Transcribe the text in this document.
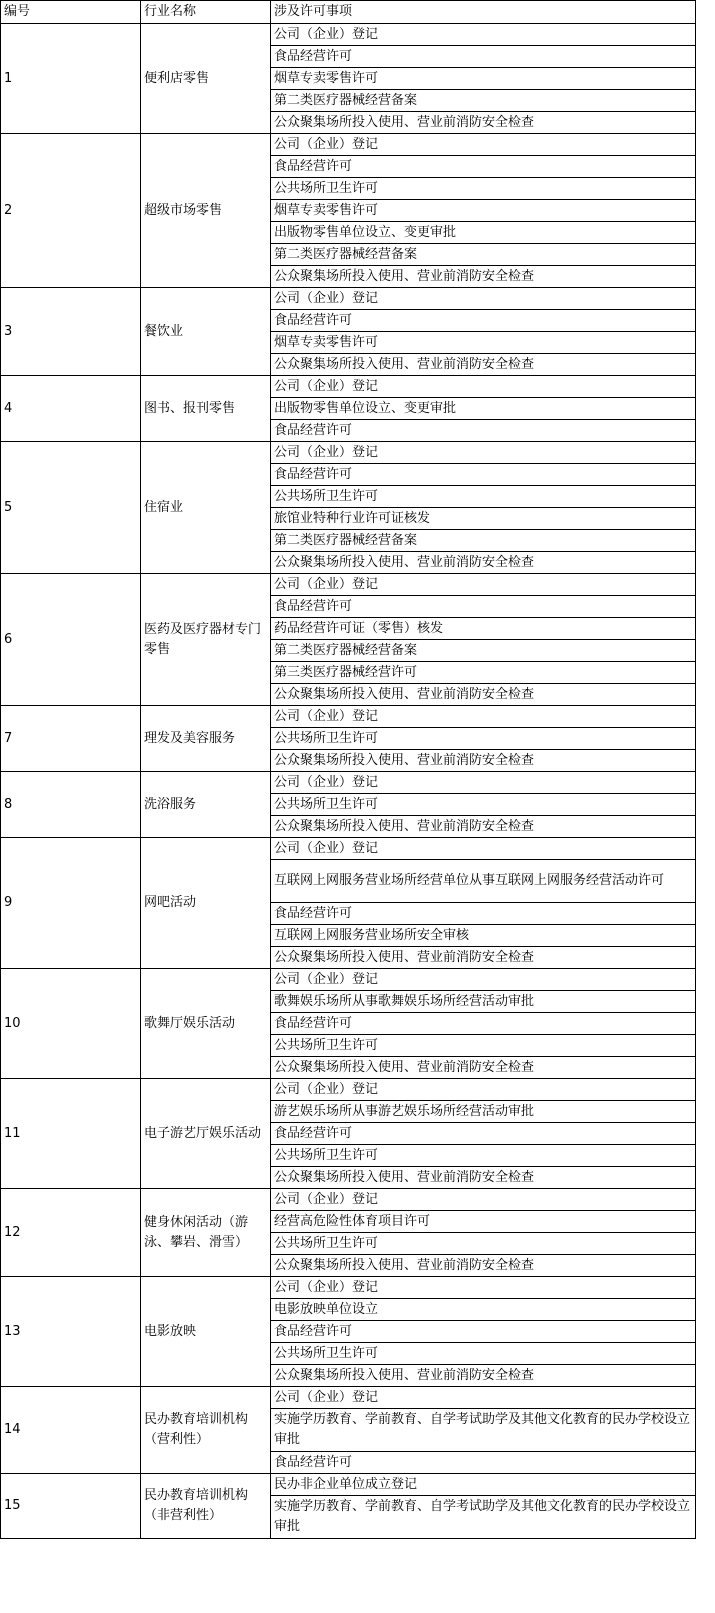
编号	行业名称	涉及许可事项
1	便利店零售	公司（企业）登记
		食品经营许可
		烟草专卖零售许可
		第二类医疗器械经营备案
		公众聚集场所投入使用、营业前消防安全检查
2	超级市场零售	公司（企业）登记
		食品经营许可
		公共场所卫生许可
		烟草专卖零售许可
		出版物零售单位设立、变更审批
		第二类医疗器械经营备案
		公众聚集场所投入使用、营业前消防安全检查
3	餐饮业	公司（企业）登记
		食品经营许可
		烟草专卖零售许可
		公众聚集场所投入使用、营业前消防安全检查
4	图书、报刊零售	公司（企业）登记
		出版物零售单位设立、变更审批
		食品经营许可
5	住宿业	公司（企业）登记
		食品经营许可
		公共场所卫生许可
		旅馆业特种行业许可证核发
		第二类医疗器械经营备案
		公众聚集场所投入使用、营业前消防安全检查
6	医药及医疗器材专门零售	公司（企业）登记
		食品经营许可
		药品经营许可证（零售）核发
		第二类医疗器械经营备案
		第三类医疗器械经营许可
		公众聚集场所投入使用、营业前消防安全检查
7	理发及美容服务	公司（企业）登记
		公共场所卫生许可
		公众聚集场所投入使用、营业前消防安全检查
8	洗浴服务	公司（企业）登记
		公共场所卫生许可
		公众聚集场所投入使用、营业前消防安全检查
9	网吧活动	公司（企业）登记
		互联网上网服务营业场所经营单位从事互联网上网服务经营活动许可
		食品经营许可
		互联网上网服务营业场所安全审核
		公众聚集场所投入使用、营业前消防安全检查
10	歌舞厅娱乐活动	公司（企业）登记
		歌舞娱乐场所从事歌舞娱乐场所经营活动审批
		食品经营许可
		公共场所卫生许可
		公众聚集场所投入使用、营业前消防安全检查
11	电子游艺厅娱乐活动	公司（企业）登记
		游艺娱乐场所从事游艺娱乐场所经营活动审批
		食品经营许可
		公共场所卫生许可
		公众聚集场所投入使用、营业前消防安全检查
12	健身休闲活动（游泳、攀岩、滑雪）	公司（企业）登记
		经营高危险性体育项目许可
		公共场所卫生许可
		公众聚集场所投入使用、营业前消防安全检查
13	电影放映	公司（企业）登记
		电影放映单位设立
		食品经营许可
		公共场所卫生许可
		公众聚集场所投入使用、营业前消防安全检查
14	民办教育培训机构（营利性）	公司（企业）登记
		实施学历教育、学前教育、自学考试助学及其他文化教育的民办学校设立审批
		食品经营许可
15	民办教育培训机构（非营利性）	民办非企业单位成立登记
		实施学历教育、学前教育、自学考试助学及其他文化教育的民办学校设立审批
